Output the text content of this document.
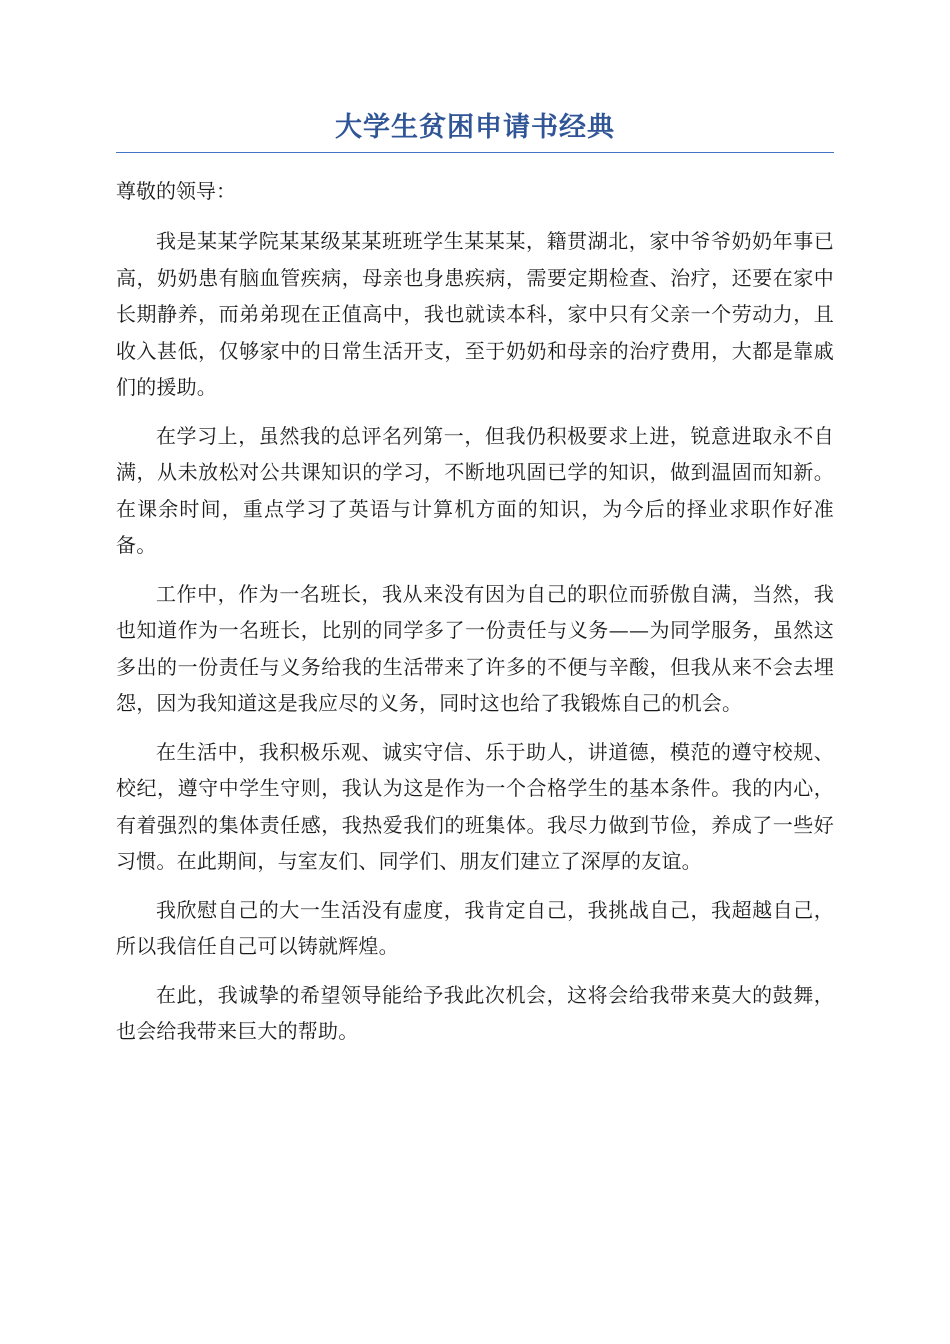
大学生贫困申请书经典
尊敬的领导：

我是某某学院某某级某某班班学生某某某，籍贯湖北，家中爷爷奶奶年事已高，奶奶患有脑血管疾病，母亲也身患疾病，需要定期检查、治疗，还要在家中长期静养，而弟弟现在正值高中，我也就读本科，家中只有父亲一个劳动力，且收入甚低，仅够家中的日常生活开支，至于奶奶和母亲的治疗费用，大都是靠戚们的援助。

在学习上，虽然我的总评名列第一，但我仍积极要求上进，锐意进取永不自满，从未放松对公共课知识的学习，不断地巩固已学的知识，做到温固而知新。在课余时间，重点学习了英语与计算机方面的知识，为今后的择业求职作好准备。

工作中，作为一名班长，我从来没有因为自己的职位而骄傲自满，当然，我也知道作为一名班长，比别的同学多了一份责任与义务——为同学服务，虽然这多出的一份责任与义务给我的生活带来了许多的不便与辛酸，但我从来不会去埋怨，因为我知道这是我应尽的义务，同时这也给了我锻炼自己的机会。

在生活中，我积极乐观、诚实守信、乐于助人，讲道德，模范的遵守校规、校纪，遵守中学生守则，我认为这是作为一个合格学生的基本条件。我的内心，有着强烈的集体责任感，我热爱我们的班集体。我尽力做到节俭，养成了一些好习惯。在此期间，与室友们、同学们、朋友们建立了深厚的友谊。

我欣慰自己的大一生活没有虚度，我肯定自己，我挑战自己，我超越自己，所以我信任自己可以铸就辉煌。

在此，我诚挚的希望领导能给予我此次机会，这将会给我带来莫大的鼓舞，也会给我带来巨大的帮助。
